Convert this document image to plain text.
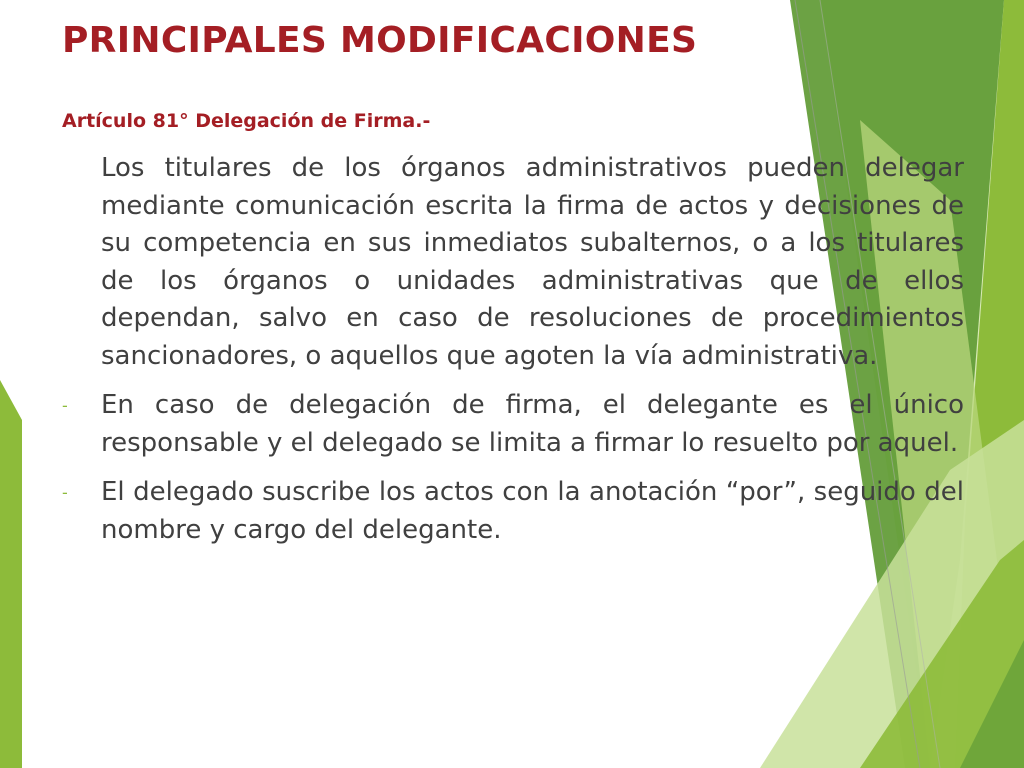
PRINCIPALES MODIFICACIONES
Artículo 81° Delegación de Firma.-

Los titulares de los órganos administrativos pueden delegar mediante comunicación escrita la firma de actos y decisiones de su competencia en sus inmediatos subalternos, o a los titulares de los órganos o unidades administrativas que de ellos dependan, salvo en caso de resoluciones de procedimientos sancionadores, o aquellos que agoten la vía administrativa.

-	En caso de delegación de firma, el delegante es el único responsable y el delegado se limita a firmar lo resuelto por aquel.

-	El delegado suscribe los actos con la anotación “por”, seguido del nombre y cargo del delegante.
